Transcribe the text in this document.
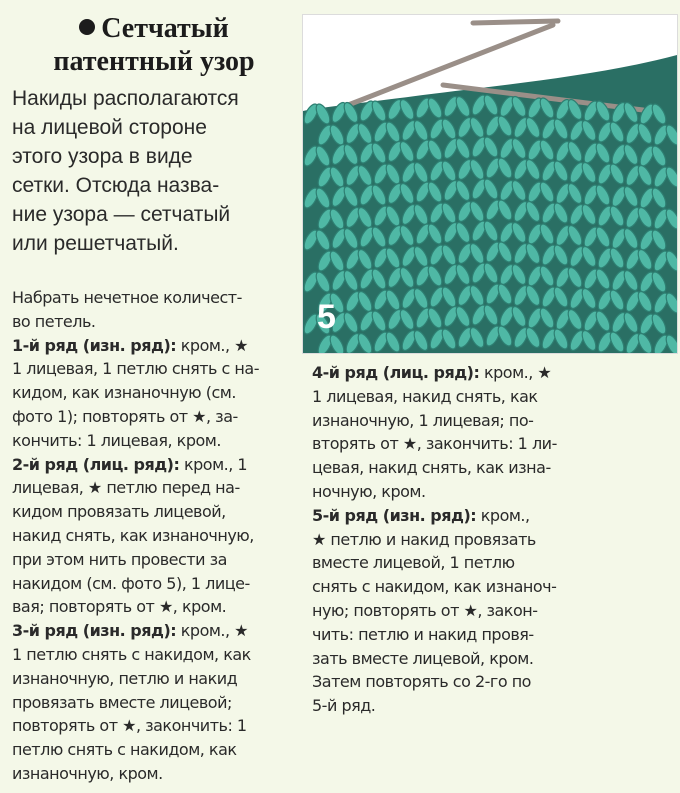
Сетчатый
патентный узор
Накиды располагаются
на лицевой стороне
этого узора в виде
сетки. Отсюда назва-
ние узора — сетчатый
или решетчатый.
5
Набрать нечетное количест-
во петель.
1-й ряд (изн. ряд): кром., ★
1 лицевая, 1 петлю снять с на-
кидом, как изнаночную (см.
фото 1); повторять от ★, за-
кончить: 1 лицевая, кром.
2-й ряд (лиц. ряд): кром., 1
лицевая, ★ петлю перед на-
кидом провязать лицевой,
накид снять, как изнаночную,
при этом нить провести за
накидом (см. фото 5), 1 лице-
вая; повторять от ★, кром.
3-й ряд (изн. ряд): кром., ★
1 петлю снять с накидом, как
изнаночную, петлю и накид
провязать вместе лицевой;
повторять от ★, закончить: 1
петлю снять с накидом, как
изнаночную, кром.
4-й ряд (лиц. ряд): кром., ★
1 лицевая, накид снять, как
изнаночную, 1 лицевая; по-
вторять от ★, закончить: 1 ли-
цевая, накид снять, как изна-
ночную, кром.
5-й ряд (изн. ряд): кром.,
★ петлю и накид провязать
вместе лицевой, 1 петлю
снять с накидом, как изнаноч-
ную; повторять от ★, закон-
чить: петлю и накид провя-
зать вместе лицевой, кром.
Затем повторять со 2-го по
5-й ряд.
